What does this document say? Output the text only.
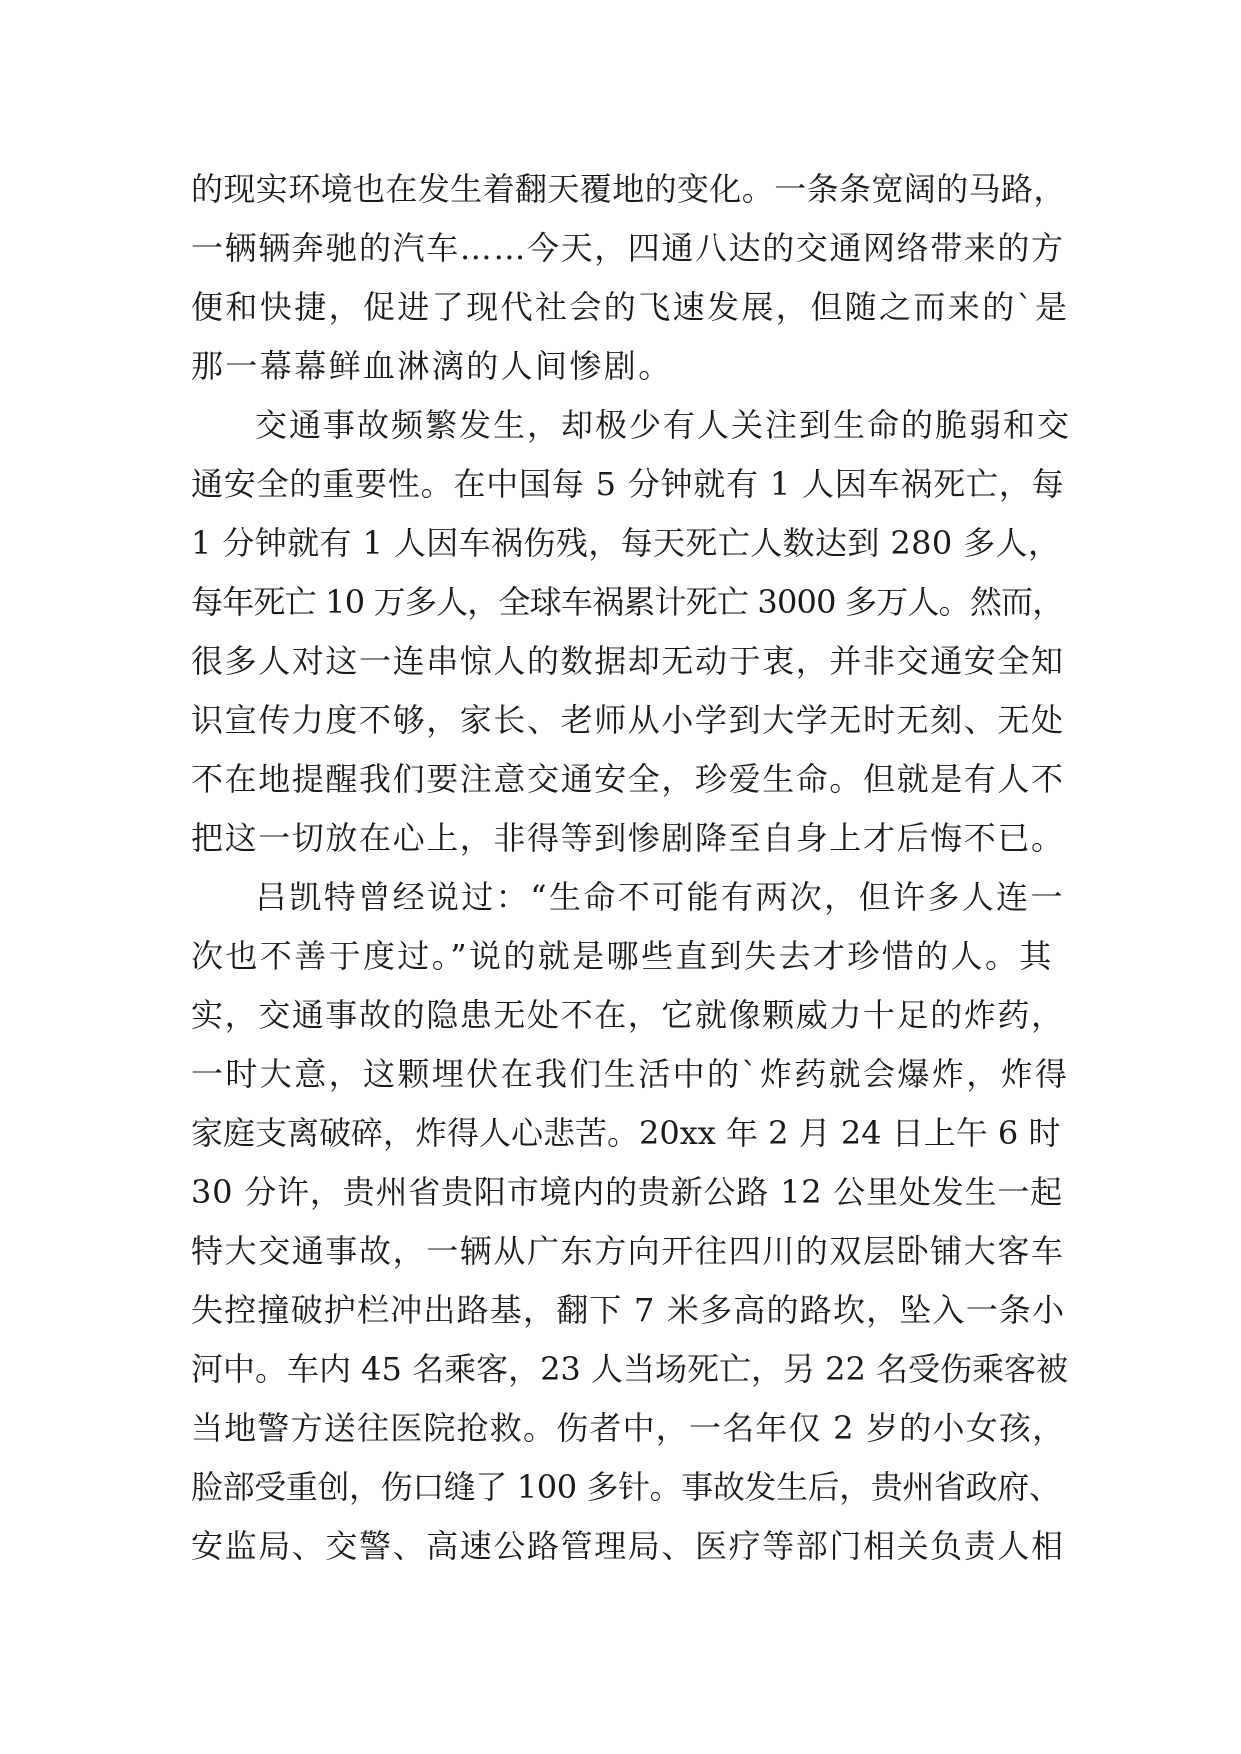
的现实环境也在发生着翻天覆地的变化。一条条宽阔的马路，
一辆辆奔驰的汽车……今天，四通八达的交通网络带来的方
便和快捷，促进了现代社会的飞速发展，但随之而来的`是
那一幕幕鲜血淋漓的人间惨剧。
交通事故频繁发生，却极少有人关注到生命的脆弱和交
通安全的重要性。在中国每 5 分钟就有 1 人因车祸死亡，每
1 分钟就有 1 人因车祸伤残，每天死亡人数达到 280 多人，
每年死亡 10 万多人，全球车祸累计死亡 3000 多万人。然而，
很多人对这一连串惊人的数据却无动于衷，并非交通安全知
识宣传力度不够，家长、老师从小学到大学无时无刻、无处
不在地提醒我们要注意交通安全，珍爱生命。但就是有人不
把这一切放在心上，非得等到惨剧降至自身上才后悔不已。
吕凯特曾经说过：“生命不可能有两次，但许多人连一
次也不善于度过。”说的就是哪些直到失去才珍惜的人。其
实，交通事故的隐患无处不在，它就像颗威力十足的炸药，
一时大意，这颗埋伏在我们生活中的`炸药就会爆炸，炸得
家庭支离破碎，炸得人心悲苦。20xx 年 2 月 24 日上午 6 时
30 分许，贵州省贵阳市境内的贵新公路 12 公里处发生一起
特大交通事故，一辆从广东方向开往四川的双层卧铺大客车
失控撞破护栏冲出路基，翻下 7 米多高的路坎，坠入一条小
河中。车内 45 名乘客，23 人当场死亡，另 22 名受伤乘客被
当地警方送往医院抢救。伤者中，一名年仅 2 岁的小女孩，
脸部受重创，伤口缝了 100 多针。事故发生后，贵州省政府、
安监局、交警、高速公路管理局、医疗等部门相关负责人相
